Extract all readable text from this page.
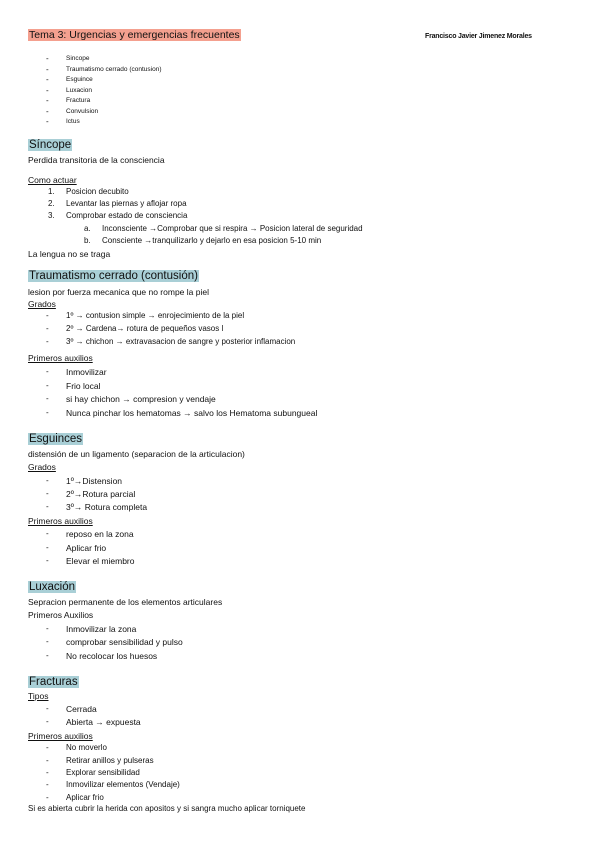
Tema 3: Urgencias y emergencias frecuentes	Francisco Javier Jimenez Morales
-	Sincope
-	Traumatismo cerrado (contusion)
-	Esguince
-	Luxacion
-	Fractura
-	Convulsion
-	Ictus
Síncope
Perdida transitoria de la consciencia
Como actuar
1. Posicion decubito
2. Levantar las piernas y aflojar ropa
3. Comprobar estado de consciencia
a. Inconsciente →Comprobar que si respira → Posicion lateral de seguridad
b. Consciente →tranquilizarlo y dejarlo en esa posicion 5-10 min
La lengua no se traga
Traumatismo cerrado (contusión)
lesion por fuerza mecanica que no rompe la piel
Grados
- 1º → contusion simple → enrojecimiento de la piel
- 2º → Cardena→ rotura de pequeños vasos l
- 3º → chichon → extravasacion de sangre y posterior inflamacion
Primeros auxilios
- Inmovilizar
- Frio local
- si hay chichon → compresion y vendaje
- Nunca pinchar los hematomas → salvo los Hematoma subungueal
Esguinces
distensión de un ligamento (separacion de la articulacion)
Grados
- 1º→Distension
- 2º→Rotura parcial
- 3º→ Rotura completa
Primeros auxilios
- reposo en la zona
- Aplicar frio
- Elevar el miembro
Luxación
Sepracion permanente de los elementos articulares
Primeros Auxilios
- Inmovilizar la zona
- comprobar sensibilidad y pulso
- No recolocar los huesos
Fracturas
Tipos
- Cerrada
- Abierta → expuesta
Primeros auxilios
- No moverlo
- Retirar anillos y pulseras
- Explorar sensibilidad
- Inmovilizar elementos (Vendaje)
- Aplicar frio
Si es abierta cubrir la herida con apositos y si sangra mucho aplicar torniquete
